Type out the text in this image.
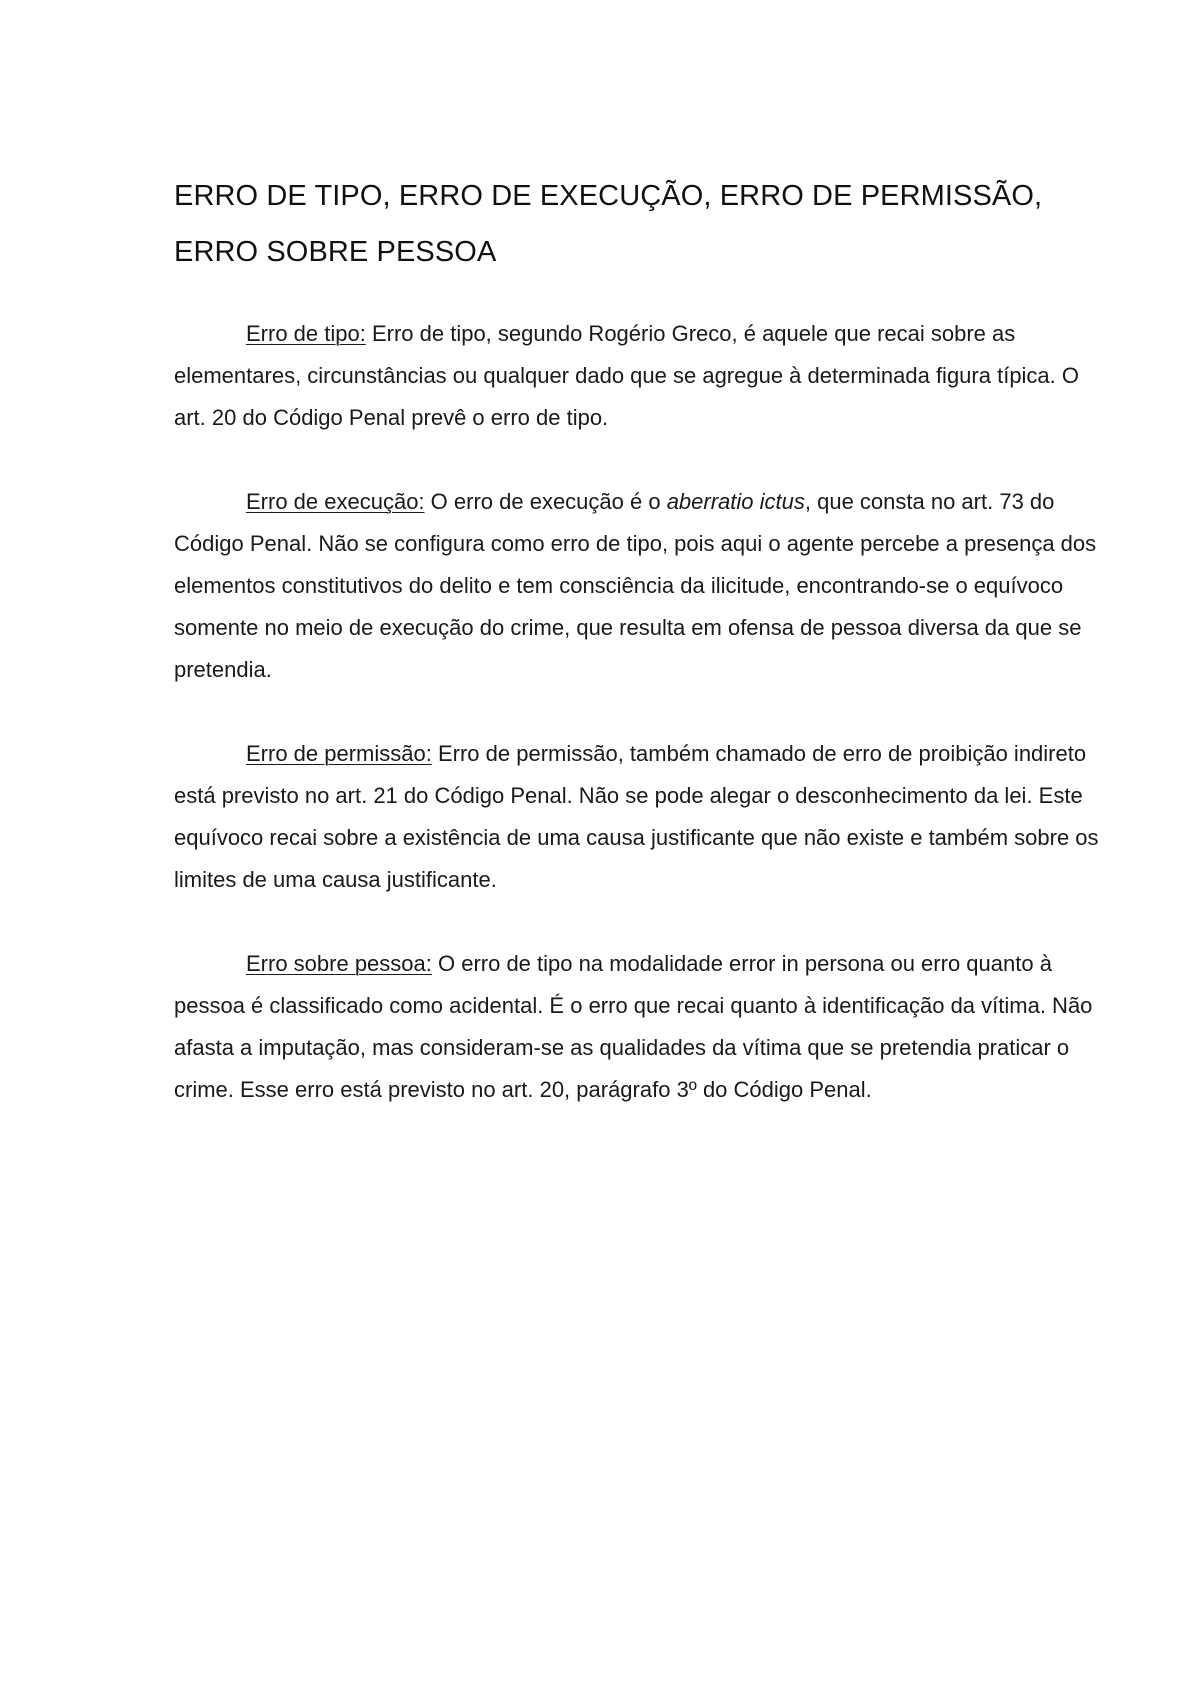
ERRO DE TIPO, ERRO DE EXECUÇÃO, ERRO DE PERMISSÃO, ERRO SOBRE PESSOA

Erro de tipo: Erro de tipo, segundo Rogério Greco, é aquele que recai sobre as elementares, circunstâncias ou qualquer dado que se agregue à determinada figura típica. O art. 20 do Código Penal prevê o erro de tipo.

Erro de execução: O erro de execução é o aberratio ictus, que consta no art. 73 do Código Penal. Não se configura como erro de tipo, pois aqui o agente percebe a presença dos elementos constitutivos do delito e tem consciência da ilicitude, encontrando-se o equívoco somente no meio de execução do crime, que resulta em ofensa de pessoa diversa da que se pretendia.

Erro de permissão: Erro de permissão, também chamado de erro de proibição indireto está previsto no art. 21 do Código Penal. Não se pode alegar o desconhecimento da lei. Este equívoco recai sobre a existência de uma causa justificante que não existe e também sobre os limites de uma causa justificante.

Erro sobre pessoa: O erro de tipo na modalidade error in persona ou erro quanto à pessoa é classificado como acidental. É o erro que recai quanto à identificação da vítima. Não afasta a imputação, mas consideram-se as qualidades da vítima que se pretendia praticar o crime. Esse erro está previsto no art. 20, parágrafo 3º do Código Penal.
